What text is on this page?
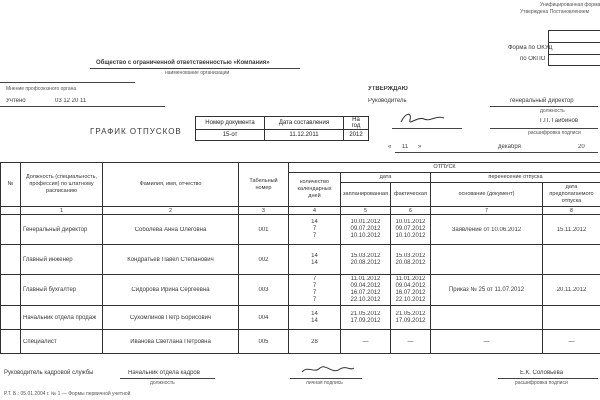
Унифицированная форма
Утверждена Постановлением
Форма по ОКУД
по ОКПО
Общество с ограниченной ответственностью «Компания»
наименование организации
Мнение профсоюзного органа
Учтено	03 12 20 11
УТВЕРЖДАЮ
Руководитель	генеральный директор
должность
Г.П. Гаибинов
расшифровка подписи
« 11 »	декабря	20
ГРАФИК ОТПУСКОВ
Номер документа	Дата составления	На год
15-от	11.12.2011	2012
№	Должность (специальность, профессия) по штатному расписанию	Фамилия, имя, отчество	Табельный номер	ОТПУСК				
				количество календарных дней	дата		перенесение отпуска	
					запланированная	фактическая	основание (документ)	дата предполагаемого отпуска
	1	2	3	4	5	6	7	8
	Генеральный директор	Соболева Анна Олеговна	001	14
7
7	10.01.2012
09.07.2012
10.10.2012	10.01.2012
09.07.2012
10.10.2012	Заявление от 10.06.2012	15.11.2012
	Главный инженер	Кондратьев Павел Степанович	002	14
14	15.03.2012
20.08.2012	15.03.2012
20.08.2012		

	Главный бухгалтер	Сидорова Ирина Сергеевна	003	7
7
7
7	11.01.2012
09.04.2012
16.07.2012
22.10.2012	11.01.2012
09.04.2012
16.07.2012
22.10.2012	Приказ № 25 от 11.07.2012	20.11.2012
	Начальник отдела продаж	Сухомлинов Петр Борисович	004	14
14	21.05.2012
17.09.2012	21.05.2012
17.09.2012		

	Специалист	Иванова Светлана Петровна	005	28	—	—	—	—
Руководитель кадровой службы	Начальник отдела кадров
должность	личная подпись
Е.К. Соловьева
расшифровка подписи
Р.Т. Б.: 05.01.2004 г. № 1 — Формы первичной учетной
